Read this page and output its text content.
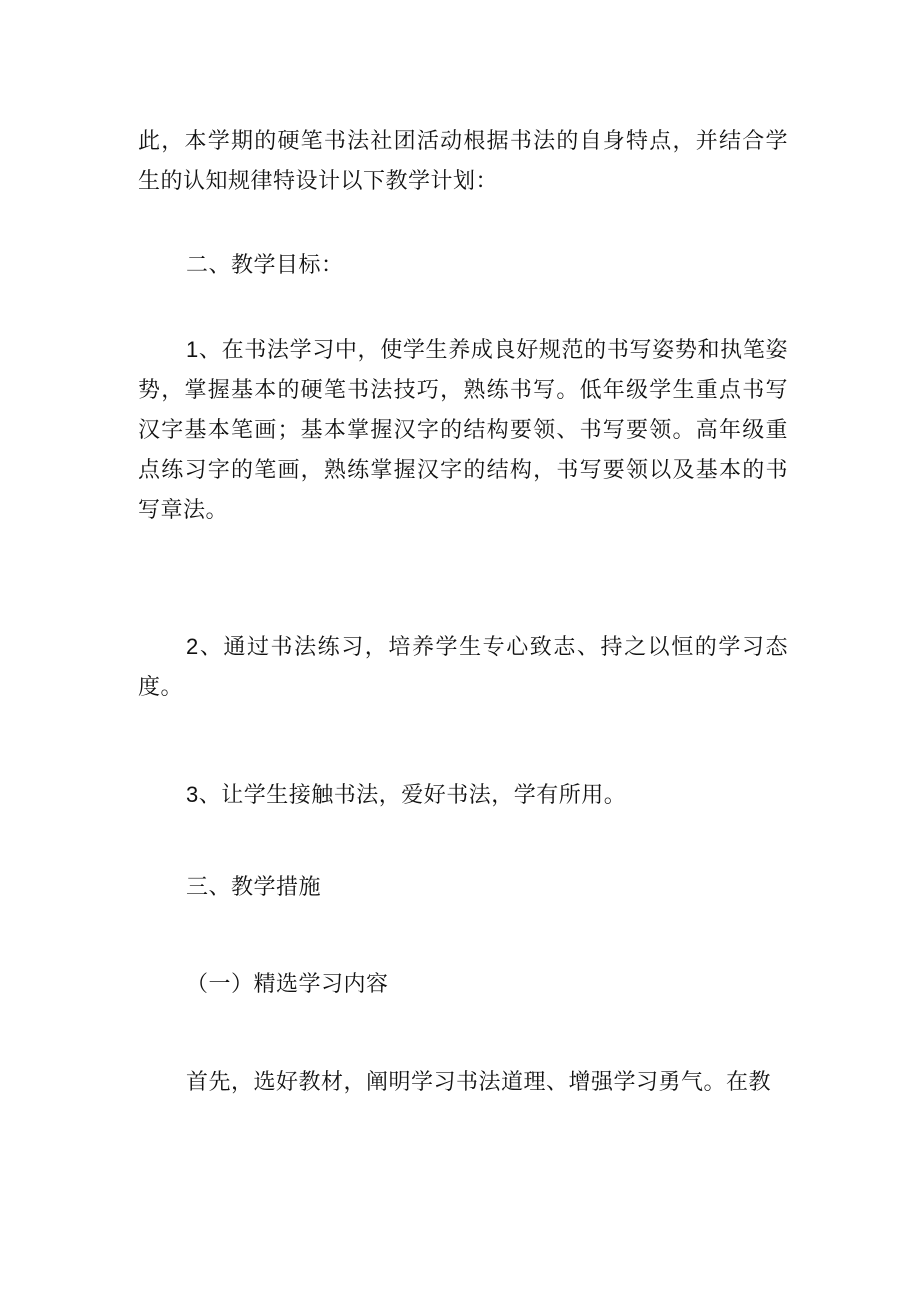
此，本学期的硬笔书法社团活动根据书法的自身特点，并结合学生的认知规律特设计以下教学计划：

二、教学目标：

1、在书法学习中，使学生养成良好规范的书写姿势和执笔姿势，掌握基本的硬笔书法技巧，熟练书写。低年级学生重点书写汉字基本笔画；基本掌握汉字的结构要领、书写要领。高年级重点练习字的笔画，熟练掌握汉字的结构，书写要领以及基本的书写章法。

2、通过书法练习，培养学生专心致志、持之以恒的学习态度。

3、让学生接触书法，爱好书法，学有所用。

三、教学措施

（一）精选学习内容

首先，选好教材，阐明学习书法道理、增强学习勇气。在教
